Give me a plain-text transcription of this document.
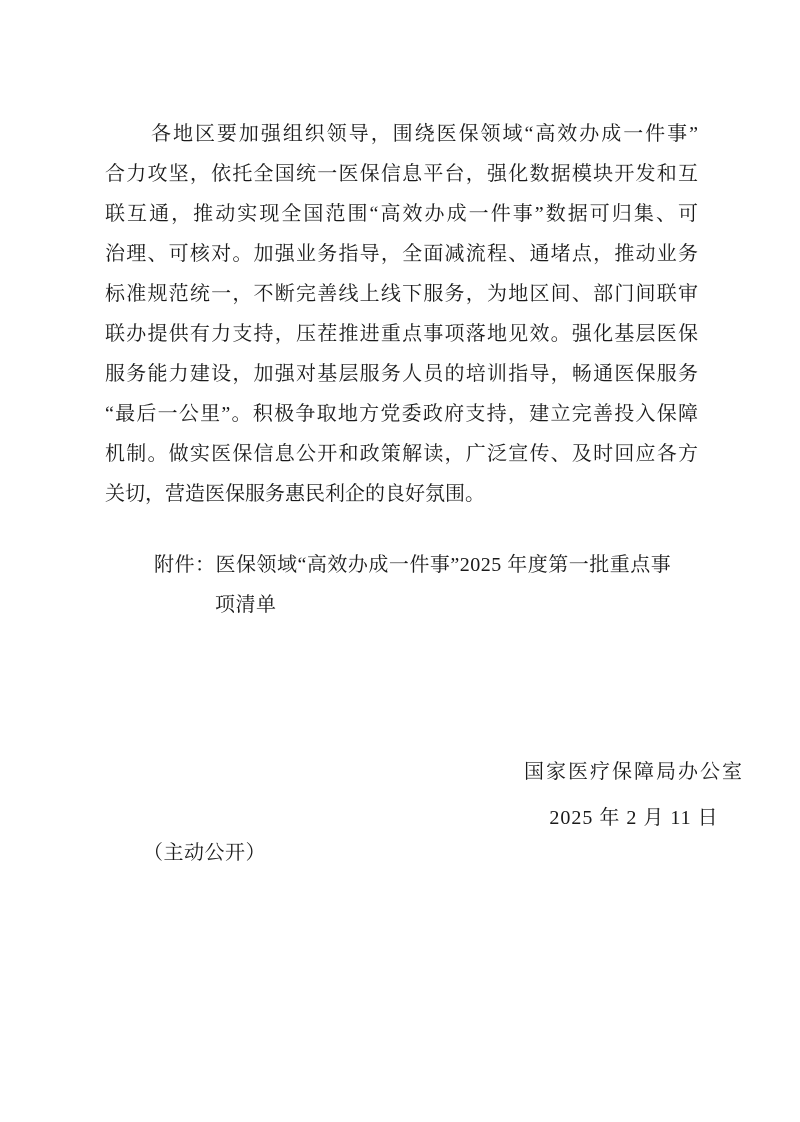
各地区要加强组织领导，围绕医保领域“高效办成一件事”
合力攻坚，依托全国统一医保信息平台，强化数据模块开发和互
联互通，推动实现全国范围“高效办成一件事”数据可归集、可
治理、可核对。加强业务指导，全面减流程、通堵点，推动业务
标准规范统一，不断完善线上线下服务，为地区间、部门间联审
联办提供有力支持，压茬推进重点事项落地见效。强化基层医保
服务能力建设，加强对基层服务人员的培训指导，畅通医保服务
“最后一公里”。积极争取地方党委政府支持，建立完善投入保障
机制。做实医保信息公开和政策解读，广泛宣传、及时回应各方
关切，营造医保服务惠民利企的良好氛围。
附件：医保领域“高效办成一件事”2025 年度第一批重点事
项清单
国家医疗保障局办公室
2025 年 2 月 11 日
（主动公开）
